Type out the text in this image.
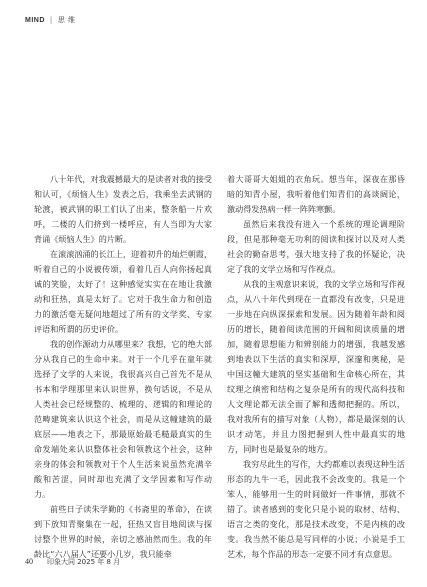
MIND | 思 维

八十年代，对我震撼最大的是读者对我的接受和认可，《烦恼人生》发表之后，我乘坐去武钢的轮渡，被武钢的职工们认了出来，整条船一片欢呼，二楼的人们挤到一楼呼应，有人当即为大家背诵《烦恼人生》的片断。

在滚滚汹涌的长江上，迎着初升的灿烂朝霞，听着自己的小说被传颂，看着几百人向你扬起真诚的笑脸，太好了！这种感觉实实在在地让我激动和狂热，真是太好了。它对于我生命力和创造力的激活毫无疑问地超过了所有的文学奖、专家评语和所谓的历史评价。

我的创作源动力从哪里来？我想，它的绝大部分从我自己的生命中来。对于一个几乎在童年就选择了文学的人来说，我很高兴自己首先不是从书本和学理那里来认识世界，换句话说，不是从人类社会已经规整的、梳理的、逻辑的和理论的范畴建筑来认识这个社会，而是从这幢建筑的最底层——地表之下，那最原始最毛糙最真实的生命发端处来认识整体社会和领教这个社会，这种亲身的体会和领教对于个人生活来说虽然充满辛酸和苦涩，同时却也充满了文学因素和写作动力。

前些日子读朱学勤的《书斋里的革命》，在读到下放知青聚集在一起，狂热又盲目地阅读与探讨整个世界的时候，亲切之感油然而生。我的年龄比“六八届人”还要小几岁，我只能牵

着大哥哥大姐姐的衣角玩。想当年，深夜在那昏暗的知青小屋，我听着他们知青们的高谈阔论，激动得发热病一样一阵阵寒颤。

虽然后来我没有进入一个系统的理论调理阶段，但是那种毫无功利的阅读和探讨以及对人类社会的勤奋思考，强大地支持了我的怀疑论，决定了我的文学立场和写作视点。

从我的主观意识来说，我的文学立场和写作视点，从八十年代到现在一直都没有改变，只是进一步地在向纵深探索和发展。因为随着年龄和阅历的增长，随着阅读范围的开阔和阅读质量的增加，随着思想能力和辨别能力的增强，我越发感到地表以下生活的真实和深厚，深邃和奥秘，是中国这幢大建筑的坚实基础和生命核心所在，其纹理之缜密和结构之复杂是所有的现代高科技和人文理论都无法全面了解和透彻把握的。所以，我对我所有的描写对象（人物），都是最深刻的认识才动笔，并且力图把握到人性中最真实的地方，同时也是最复杂的地方。

我穷尽此生的写作，大约都难以表现这种生活形态的九牛一毛，因此我不会改变的。我是一个笨人，能够用一生的时间做好一件事情，那就不错了。读者感到的变化只是小说的取材、结构、语言之类的变化，那是技术改变，不是内核的改变。我当然不能总是写同样的小说；小说是手工艺术，每个作品的形态一定要不同才有点意思。

40 印象大同 2025 年 8 月
